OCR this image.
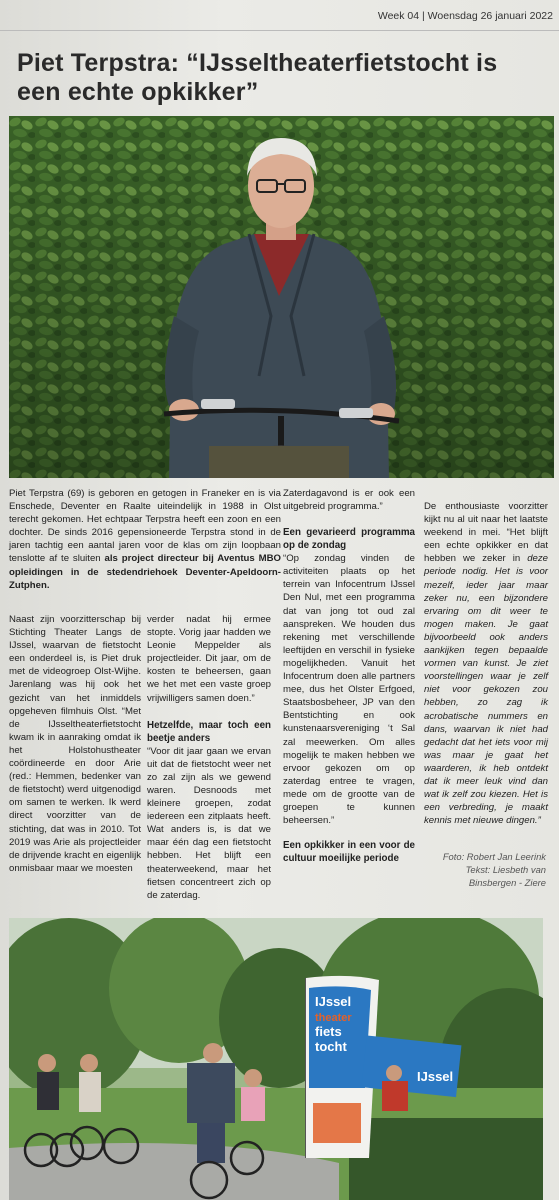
Week 04 | Woensdag 26 januari 2022
Piet Terpstra: “IJsseltheaterfietstocht is een echte opkikker”
Piet Terpstra (69) is geboren en getogen in Franeker en is via Enschede, Deventer en Raalte uiteindelijk in 1988 in Olst terecht gekomen. Het echtpaar Terpstra heeft een zoon en een dochter. De sinds 2016 gepensioneerde Terpstra stond in de jaren tachtig een aantal jaren voor de klas om zijn loopbaan tenslotte af te sluiten als project directeur bij Aventus MBO opleidingen in de stedendriehoek Deventer-Apeldoorn-Zutphen.

Naast zijn voorzitterschap bij Stichting Theater Langs de IJssel, waarvan de fietstocht een onderdeel is, is Piet druk met de videogroep Olst-Wijhe. Jarenlang was hij ook het gezicht van het inmiddels opgeheven filmhuis Olst. “Met de IJsseltheaterfietstocht kwam ik in aanraking omdat ik het Holstohustheater coördineerde en door Arie (red.: Hemmen, bedenker van de fietstocht) werd uitgenodigd om samen te werken. Ik werd direct voorzitter van de stichting, dat was in 2010. Tot 2019 was Arie als projectleider de drijvende kracht en eigenlijk onmisbaar maar we moesten

verder nadat hij ermee stopte. Vorig jaar hadden we Leonie Meppelder als projectleider. Dit jaar, om de kosten te beheersen, gaan we het met een vaste groep vrijwilligers samen doen.”

Hetzelfde, maar toch een beetje anders

“Voor dit jaar gaan we ervan uit dat de fietstocht weer net zo zal zijn als we gewend waren. Desnoods met kleinere groepen, zodat iedereen een zitplaats heeft. Wat anders is, is dat we maar één dag een fietstocht hebben. Het blijft een theaterweekend, maar het fietsen concentreert zich op de zaterdag.

Zaterdagavond is er ook een uitgebreid programma.”

Een gevarieerd programma op de zondag

“Op zondag vinden de activiteiten plaats op het terrein van Infocentrum IJssel Den Nul, met een programma dat van jong tot oud zal aanspreken. We houden dus rekening met verschillende leeftijden en verschil in fysieke mogelijkheden. Vanuit het Infocentrum doen alle partners mee, dus het Olster Erfgoed, Staatsbosbeheer, JP van den Bentstichting en ook kunstenaarsvereniging ‘t Sal zal meewerken. Om alles mogelijk te maken hebben we ervoor gekozen om op zaterdag entree te vragen, mede om de grootte van de groepen te kunnen beheersen.”

Een opkikker in een voor de cultuur moeilijke periode

De enthousiaste voorzitter kijkt nu al uit naar het laatste weekend in mei. “Het blijft een echte opkikker en dat hebben we zeker in deze periode nodig. Het is voor mezelf, ieder jaar maar zeker nu, een bijzondere ervaring om dit weer te mogen maken. Je gaat bijvoorbeeld ook anders aankijken tegen bepaalde vormen van kunst. Je ziet voorstellingen waar je zelf niet voor gekozen zou hebben, zo zag ik acrobatische nummers en dans, waarvan ik niet had gedacht dat het iets voor mij was maar je gaat het waarderen, ik heb ontdekt dat ik meer leuk vind dan wat ik zelf zou kiezen. Het is een verbreding, je maakt kennis met nieuwe dingen.”

Foto: Robert Jan Leerink
Tekst: Liesbeth van Binsbergen - Ziere
IJssel
theater
fiets
tocht
IJssel
